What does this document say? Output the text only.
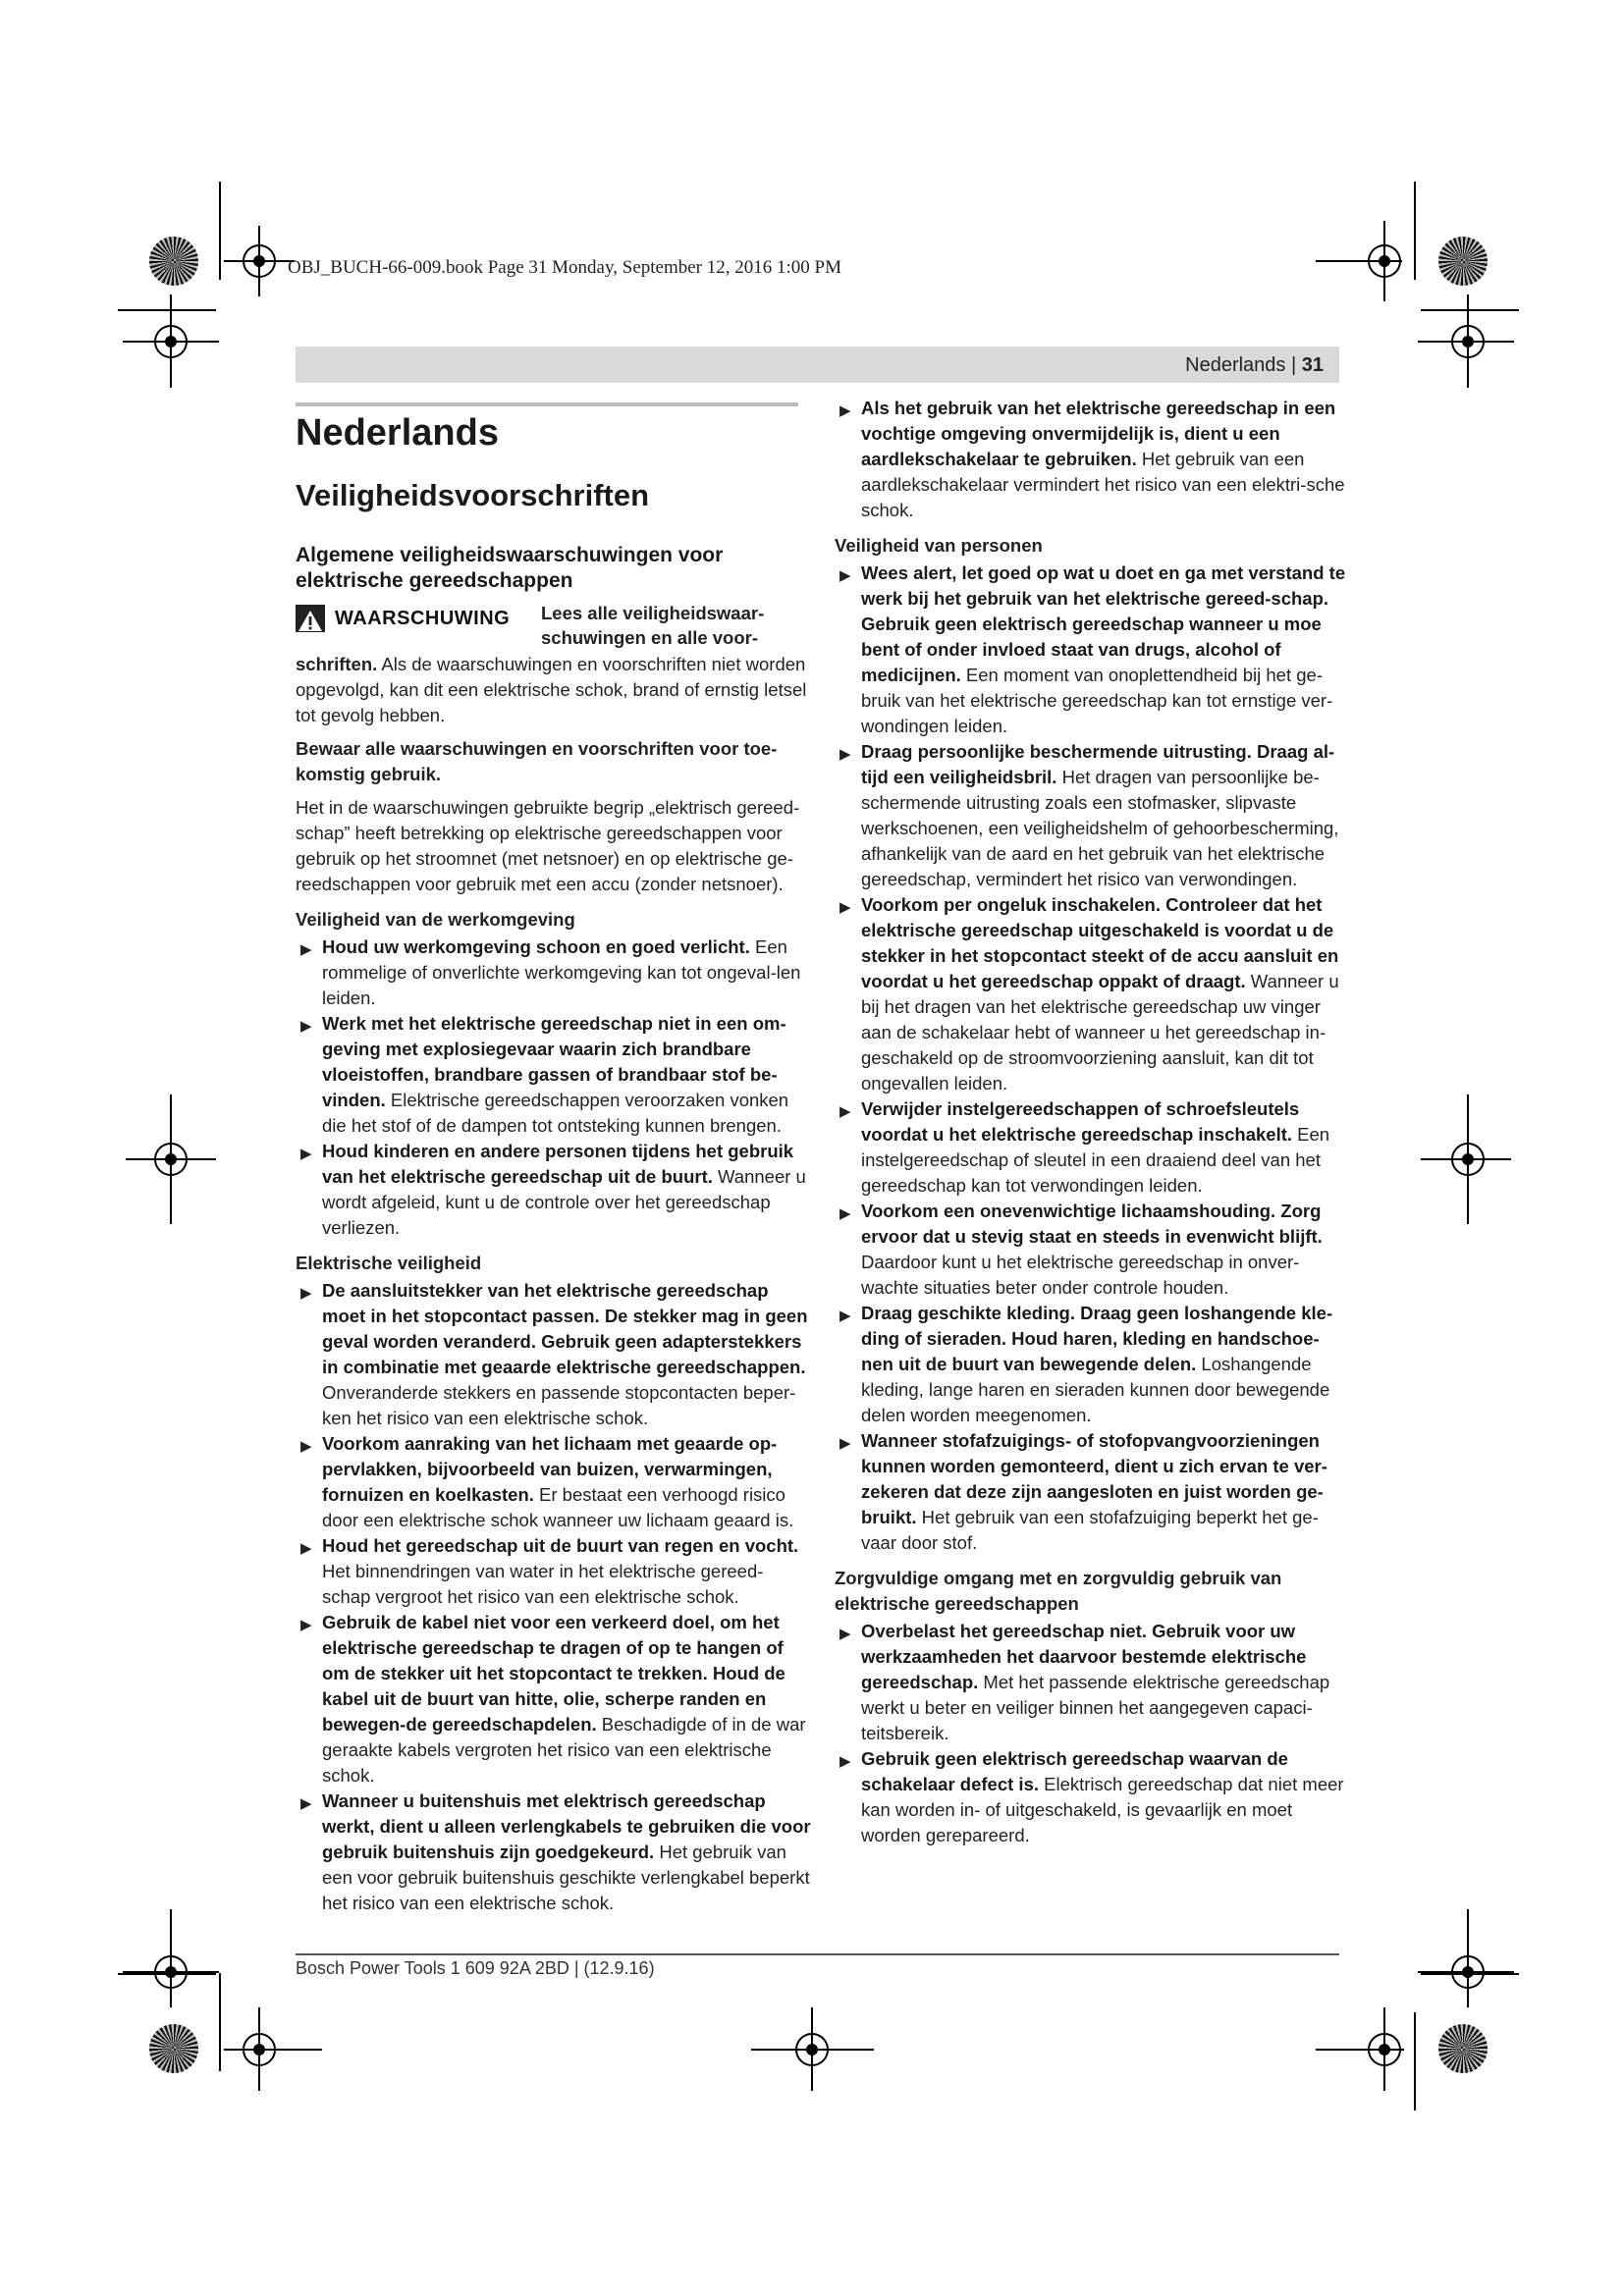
OBJ_BUCH-66-009.book Page 31 Monday, September 12, 2016 1:00 PM
Nederlands | 31
Nederlands
Veiligheidsvoorschriften
Algemene veiligheidswaarschuwingen voor elektrische gereedschappen
WAARSCHUWING Lees alle veiligheidswaar-schuwingen en alle voor-

schriften. Als de waarschuwingen en voorschriften niet worden opgevolgd, kan dit een elektrische schok, brand of ernstig letsel tot gevolg hebben.

Bewaar alle waarschuwingen en voorschriften voor toe-komstig gebruik.

Het in de waarschuwingen gebruikte begrip „elektrisch gereed-schap” heeft betrekking op elektrische gereedschappen voor gebruik op het stroomnet (met netsnoer) en op elektrische ge-reedschappen voor gebruik met een accu (zonder netsnoer).

Veiligheid van de werkomgeving

▶ Houd uw werkomgeving schoon en goed verlicht. Een rommelige of onverlichte werkomgeving kan tot ongeval-len leiden.

▶ Werk met het elektrische gereedschap niet in een om-geving met explosiegevaar waarin zich brandbare vloeistoffen, brandbare gassen of brandbaar stof be-vinden. Elektrische gereedschappen veroorzaken vonken die het stof of de dampen tot ontsteking kunnen brengen.

▶ Houd kinderen en andere personen tijdens het gebruik van het elektrische gereedschap uit de buurt. Wanneer u wordt afgeleid, kunt u de controle over het gereedschap verliezen.

Elektrische veiligheid

▶ De aansluitstekker van het elektrische gereedschap moet in het stopcontact passen. De stekker mag in geen geval worden veranderd. Gebruik geen adapterstekkers in combinatie met geaarde elektrische gereedschappen. Onveranderde stekkers en passende stopcontacten beper-ken het risico van een elektrische schok.

▶ Voorkom aanraking van het lichaam met geaarde op-pervlakken, bijvoorbeeld van buizen, verwarmingen, fornuizen en koelkasten. Er bestaat een verhoogd risico door een elektrische schok wanneer uw lichaam geaard is.

▶ Houd het gereedschap uit de buurt van regen en vocht. Het binnendringen van water in het elektrische gereed-schap vergroot het risico van een elektrische schok.

▶ Gebruik de kabel niet voor een verkeerd doel, om het elektrische gereedschap te dragen of op te hangen of om de stekker uit het stopcontact te trekken. Houd de kabel uit de buurt van hitte, olie, scherpe randen en bewegen-de gereedschapdelen. Beschadigde of in de war geraakte kabels vergroten het risico van een elektrische schok.

▶ Wanneer u buitenshuis met elektrisch gereedschap werkt, dient u alleen verlengkabels te gebruiken die voor gebruik buitenshuis zijn goedgekeurd. Het gebruik van een voor gebruik buitenshuis geschikte verlengkabel beperkt het risico van een elektrische schok.

▶ Als het gebruik van het elektrische gereedschap in een vochtige omgeving onvermijdelijk is, dient u een aardlekschakelaar te gebruiken. Het gebruik van een aardlekschakelaar vermindert het risico van een elektri-sche schok.

Veiligheid van personen

▶ Wees alert, let goed op wat u doet en ga met verstand te werk bij het gebruik van het elektrische gereed-schap. Gebruik geen elektrisch gereedschap wanneer u moe bent of onder invloed staat van drugs, alcohol of medicijnen. Een moment van onoplettendheid bij het ge-bruik van het elektrische gereedschap kan tot ernstige ver-wondingen leiden.

▶ Draag persoonlijke beschermende uitrusting. Draag al-tijd een veiligheidsbril. Het dragen van persoonlijke be-schermende uitrusting zoals een stofmasker, slipvaste werkschoenen, een veiligheidshelm of gehoorbescherming, afhankelijk van de aard en het gebruik van het elektrische gereedschap, vermindert het risico van verwondingen.

▶ Voorkom per ongeluk inschakelen. Controleer dat het elektrische gereedschap uitgeschakeld is voordat u de stekker in het stopcontact steekt of de accu aansluit en voordat u het gereedschap oppakt of draagt. Wanneer u bij het dragen van het elektrische gereedschap uw vinger aan de schakelaar hebt of wanneer u het gereedschap in-geschakeld op de stroomvoorziening aansluit, kan dit tot ongevallen leiden.

▶ Verwijder instelgereedschappen of schroefsleutels voordat u het elektrische gereedschap inschakelt. Een instelgereedschap of sleutel in een draaiend deel van het gereedschap kan tot verwondingen leiden.

▶ Voorkom een onevenwichtige lichaamshouding. Zorg ervoor dat u stevig staat en steeds in evenwicht blijft. Daardoor kunt u het elektrische gereedschap in onver-wachte situaties beter onder controle houden.

▶ Draag geschikte kleding. Draag geen loshangende kle-ding of sieraden. Houd haren, kleding en handschoe-nen uit de buurt van bewegende delen. Loshangende kleding, lange haren en sieraden kunnen door bewegende delen worden meegenomen.

▶ Wanneer stofafzuigings- of stofopvangvoorzieningen kunnen worden gemonteerd, dient u zich ervan te ver-zekeren dat deze zijn aangesloten en juist worden ge-bruikt. Het gebruik van een stofafzuiging beperkt het ge-vaar door stof.

Zorgvuldige omgang met en zorgvuldig gebruik van elektrische gereedschappen

▶ Overbelast het gereedschap niet. Gebruik voor uw werkzaamheden het daarvoor bestemde elektrische gereedschap. Met het passende elektrische gereedschap werkt u beter en veiliger binnen het aangegeven capaci-teitsbereik.

▶ Gebruik geen elektrisch gereedschap waarvan de schakelaar defect is. Elektrisch gereedschap dat niet meer kan worden in- of uitgeschakeld, is gevaarlijk en moet worden gerepareerd.

Bosch Power Tools 1 609 92A 2BD | (12.9.16)
